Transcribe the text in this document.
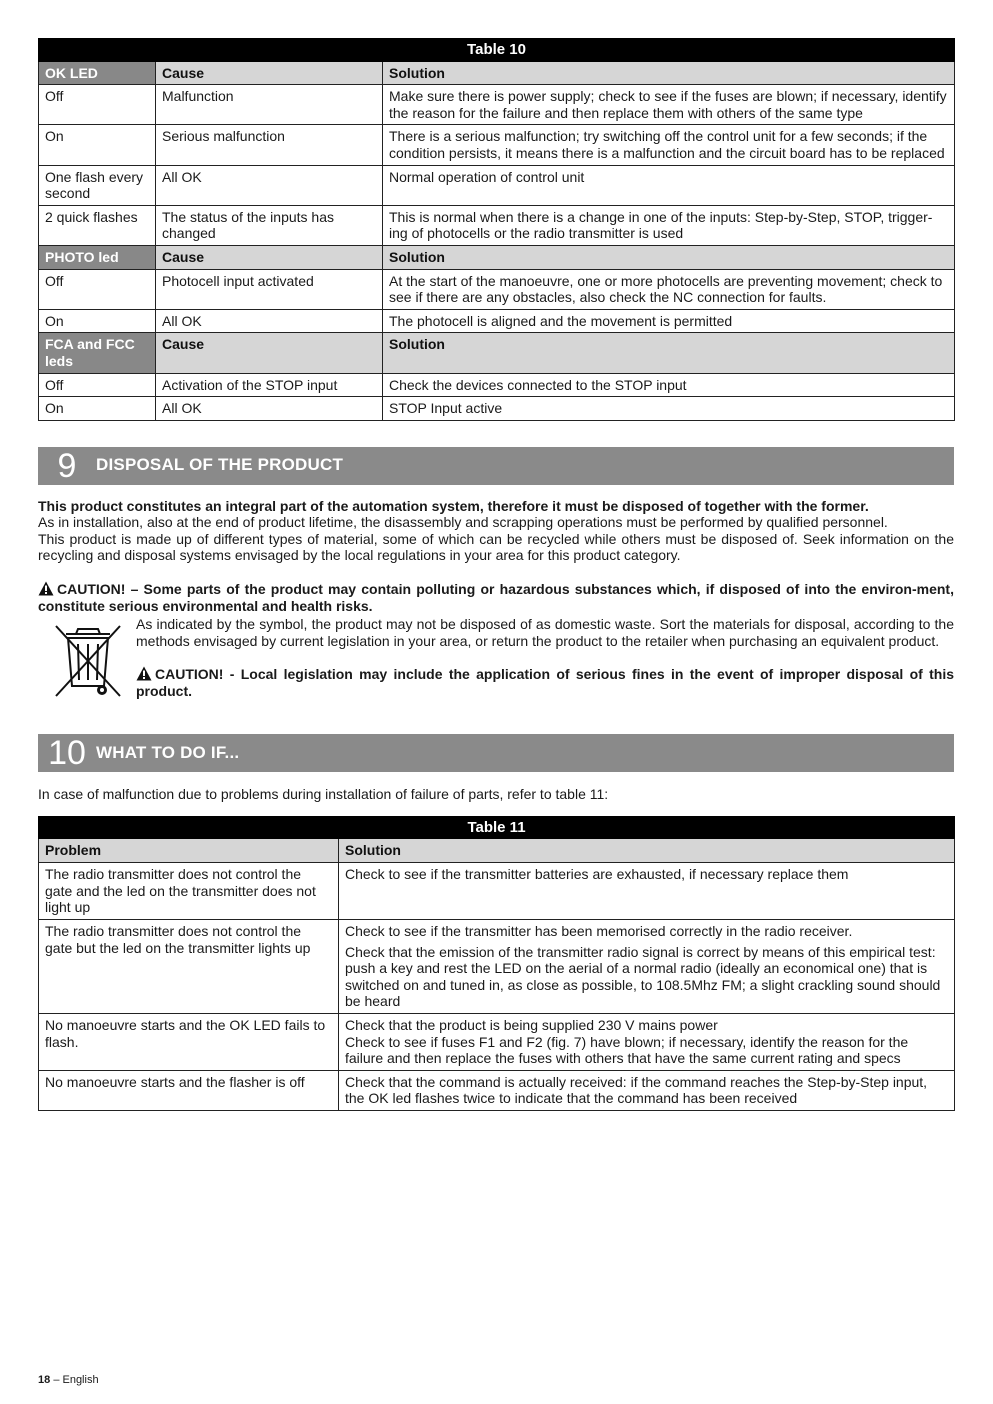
Table 10		
OK LED	Cause	Solution
Off	Malfunction	Make sure there is power supply; check to see if the fuses are blown; if necessary, identify the reason for the failure and then replace them with others of the same type
On	Serious malfunction	There is a serious malfunction; try switching off the control unit for a few seconds; if the condition persists, it means there is a malfunction and the circuit board has to be replaced
One flash every second	All OK	Normal operation of control unit
2 quick flashes	The status of the inputs has changed	This is normal when there is a change in one of the inputs: Step-by-Step, STOP, trigger-ing of photocells or the radio transmitter is used
PHOTO led	Cause	Solution
Off	Photocell input activated	At the start of the manoeuvre, one or more photocells are preventing movement; check to see if there are any obstacles, also check the NC connection for faults.
On	All OK	The photocell is aligned and the movement is permitted
FCA and FCC leds	Cause	Solution
Off	Activation of the STOP input	Check the devices connected to the STOP input
On	All OK	STOP Input active
9	DISPOSAL OF THE PRODUCT

This product constitutes an integral part of the automation system, therefore it must be disposed of together with the former.

As in installation, also at the end of product lifetime, the disassembly and scrapping operations must be performed by qualified personnel.

This product is made up of different types of material, some of which can be recycled while others must be disposed of. Seek information on the recycling and disposal systems envisaged by the local regulations in your area for this product category.

CAUTION! – Some parts of the product may contain polluting or hazardous substances which, if disposed of into the environ-ment, constitute serious environmental and health risks.

As indicated by the symbol, the product may not be disposed of as domestic waste. Sort the materials for disposal, according to the methods envisaged by current legislation in your area, or return the product to the retailer when purchasing an equivalent product.

CAUTION! - Local legislation may include the application of serious fines in the event of improper disposal of this product.

10 WHAT TO DO IF...

In case of malfunction due to problems during installation of failure of parts, refer to table 11:

Table 11	
Problem	Solution
The radio transmitter does not control the gate and the led on the transmitter does not light up	Check to see if the transmitter batteries are exhausted, if necessary replace them

The radio transmitter does not control the gate but the led on the transmitter lights up	Check to see if the transmitter has been memorised correctly in the radio receiver.

Check that the emission of the transmitter radio signal is correct by means of this empirical test: push a key and rest the LED on the aerial of a normal radio (ideally an economical one) that is switched on and tuned in, as close as possible, to 108.5Mhz FM; a slight crackling sound should be heard

No manoeuvre starts and the OK LED fails to flash.	Check that the product is being supplied 230 V mains power
Check to see if fuses F1 and F2 (fig. 7) have blown; if necessary, identify the reason for the failure and then replace the fuses with others that have the same current rating and specs

No manoeuvre starts and the flasher is off	Check that the command is actually received: if the command reaches the Step-by-Step input, the OK led flashes twice to indicate that the command has been received

18 – English
